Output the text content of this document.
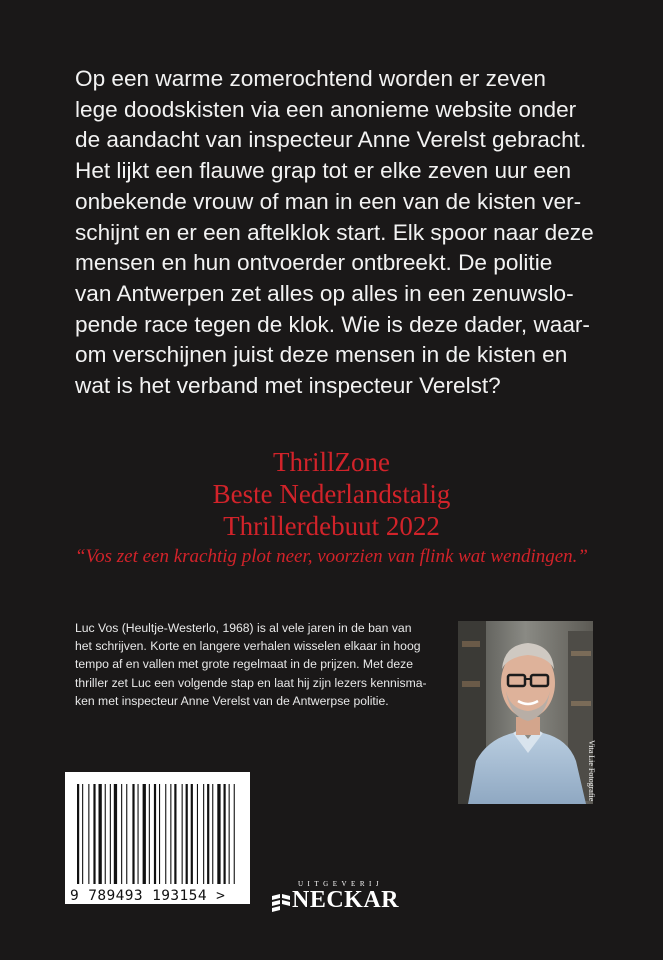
Op een warme zomerochtend worden er zeven
lege doodskisten via een anonieme website onder
de aandacht van inspecteur Anne Verelst gebracht.
Het lijkt een flauwe grap tot er elke zeven uur een
onbekende vrouw of man in een van de kisten ver-
schijnt en er een aftelklok start. Elk spoor naar deze
mensen en hun ontvoerder ontbreekt. De politie
van Antwerpen zet alles op alles in een zenuwslo-
pende race tegen de klok. Wie is deze dader, waar-
om verschijnen juist deze mensen in de kisten en
wat is het verband met inspecteur Verelst?
ThrillZone
Beste Nederlandstalig
Thrillerdebuut 2022
“Vos zet een krachtig plot neer, voorzien van flink wat wendingen.”
Luc Vos (Heultje-Westerlo, 1968) is al vele jaren in de ban van
het schrijven. Korte en langere verhalen wisselen elkaar in hoog
tempo af en vallen met grote regelmaat in de prijzen. Met deze
thriller zet Luc een volgende stap en laat hij zijn lezers kennisma-
ken met inspecteur Anne Verelst van de Antwerpse politie.
Vita Lie Fotografie
9 789493 193154 >
UITGEVERIJ
NECKAR
